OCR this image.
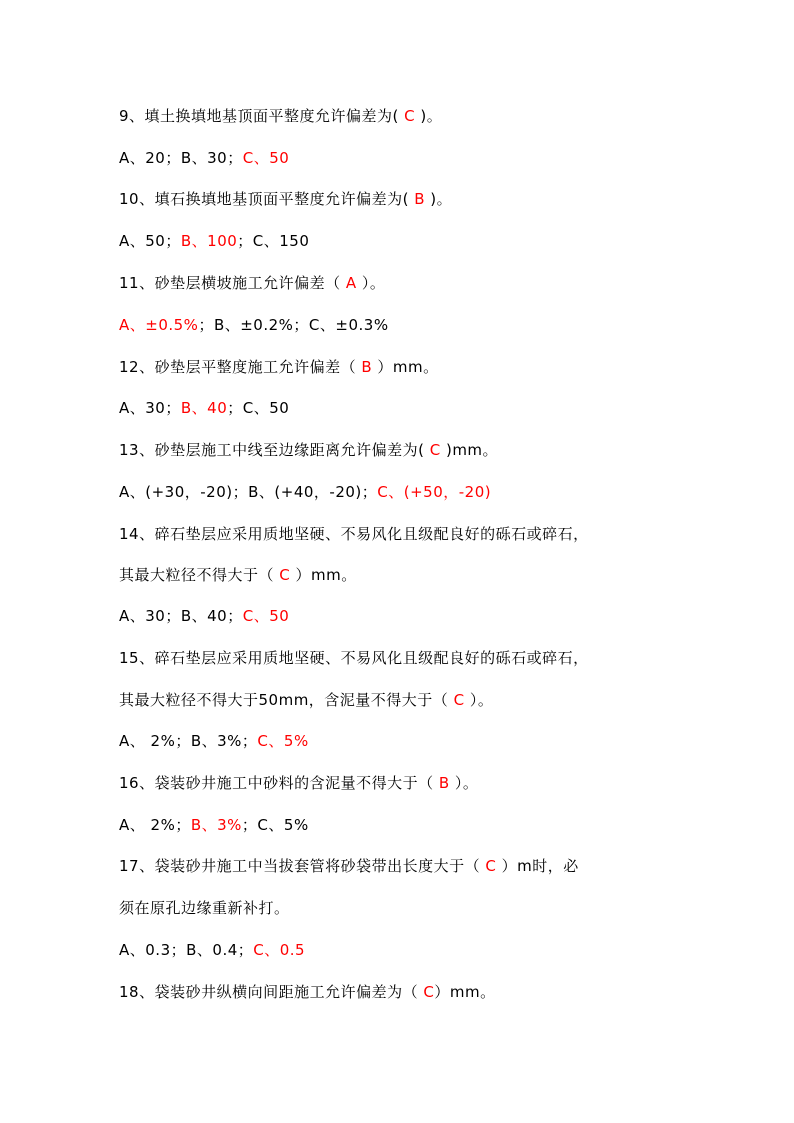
9、填土换填地基顶面平整度允许偏差为( C )。
A、20；B、30；C、50
10、填石换填地基顶面平整度允许偏差为( B )。
A、50；B、100；C、150
11、砂垫层横坡施工允许偏差（ A ）。
A、±0.5%；B、±0.2%；C、±0.3%
12、砂垫层平整度施工允许偏差（ B ）mm。
A、30；B、40；C、50
13、砂垫层施工中线至边缘距离允许偏差为( C )mm。
A、(+30，-20)；B、(+40，-20)；C、(+50，-20)
14、碎石垫层应采用质地坚硬、不易风化且级配良好的砾石或碎石，
其最大粒径不得大于（ C ）mm。
A、30；B、40；C、50
15、碎石垫层应采用质地坚硬、不易风化且级配良好的砾石或碎石，
其最大粒径不得大于50mm，含泥量不得大于（ C ）。
A、 2%；B、3%；C、5%
16、袋装砂井施工中砂料的含泥量不得大于（ B ）。
A、 2%；B、3%；C、5%
17、袋装砂井施工中当拔套管将砂袋带出长度大于（ C ）m时，必
须在原孔边缘重新补打。
A、0.3；B、0.4；C、0.5
18、袋装砂井纵横向间距施工允许偏差为（ C）mm。
